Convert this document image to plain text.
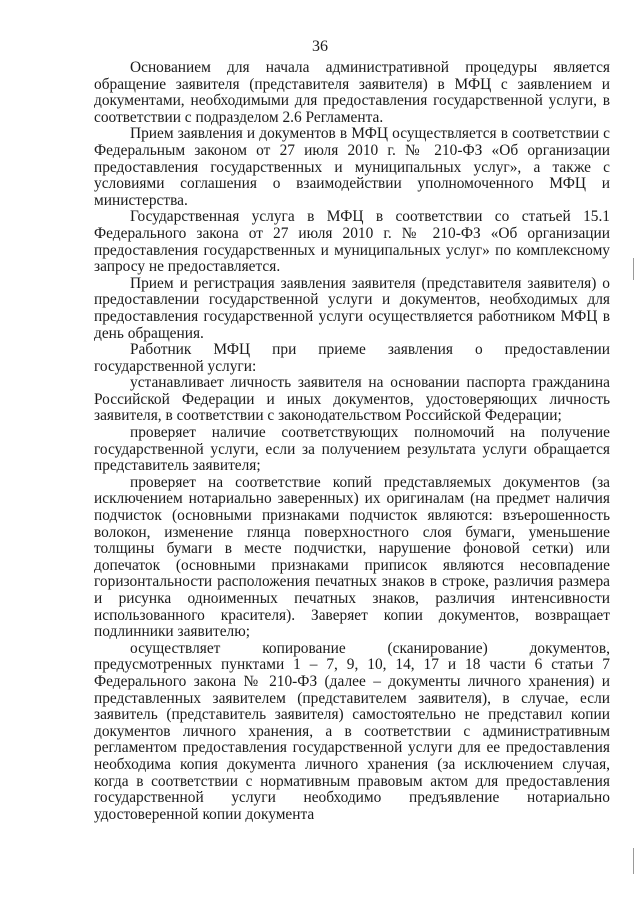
36

Основанием для начала административной процедуры является обращение заявителя (представителя заявителя) в МФЦ с заявлением и документами, необходимыми для предоставления государственной услуги, в соответствии с подразделом 2.6 Регламента.

Прием заявления и документов в МФЦ осуществляется в соответствии с Федеральным законом от 27 июля 2010 г. № 210-ФЗ «Об организации предоставления государственных и муниципальных услуг», а также с условиями соглашения о взаимодействии уполномоченного МФЦ и министерства.

Государственная услуга в МФЦ в соответствии со статьей 15.1 Федерального закона от 27 июля 2010 г. № 210-ФЗ «Об организации предоставления государственных и муниципальных услуг» по комплексному запросу не предоставляется.

Прием и регистрация заявления заявителя (представителя заявителя) о предоставлении государственной услуги и документов, необходимых для предоставления государственной услуги осуществляется работником МФЦ в день обращения.

Работник МФЦ при приеме заявления о предоставлении государственной услуги:

устанавливает личность заявителя на основании паспорта гражданина Российской Федерации и иных документов, удостоверяющих личность заявителя, в соответствии с законодательством Российской Федерации;

проверяет наличие соответствующих полномочий на получение государственной услуги, если за получением результата услуги обращается представитель заявителя;

проверяет на соответствие копий представляемых документов (за исключением нотариально заверенных) их оригиналам (на предмет наличия подчисток (основными признаками подчисток являются: взъерошенность волокон, изменение глянца поверхностного слоя бумаги, уменьшение толщины бумаги в месте подчистки, нарушение фоновой сетки) или допечаток (основными признаками приписок являются несовпадение горизонтальности расположения печатных знаков в строке, различия размера и рисунка одноименных печатных знаков, различия интенсивности использованного красителя). Заверяет копии документов, возвращает подлинники заявителю;

осуществляет копирование (сканирование) документов, предусмотренных пунктами 1 – 7, 9, 10, 14, 17 и 18 части 6 статьи 7 Федерального закона № 210-ФЗ (далее – документы личного хранения) и представленных заявителем (представителем заявителя), в случае, если заявитель (представитель заявителя) самостоятельно не представил копии документов личного хранения, а в соответствии с административным регламентом предоставления государственной услуги для ее предоставления необходима копия документа личного хранения (за исключением случая, когда в соответствии с нормативным правовым актом для предоставления государственной услуги необходимо предъявление нотариально удостоверенной копии документа
